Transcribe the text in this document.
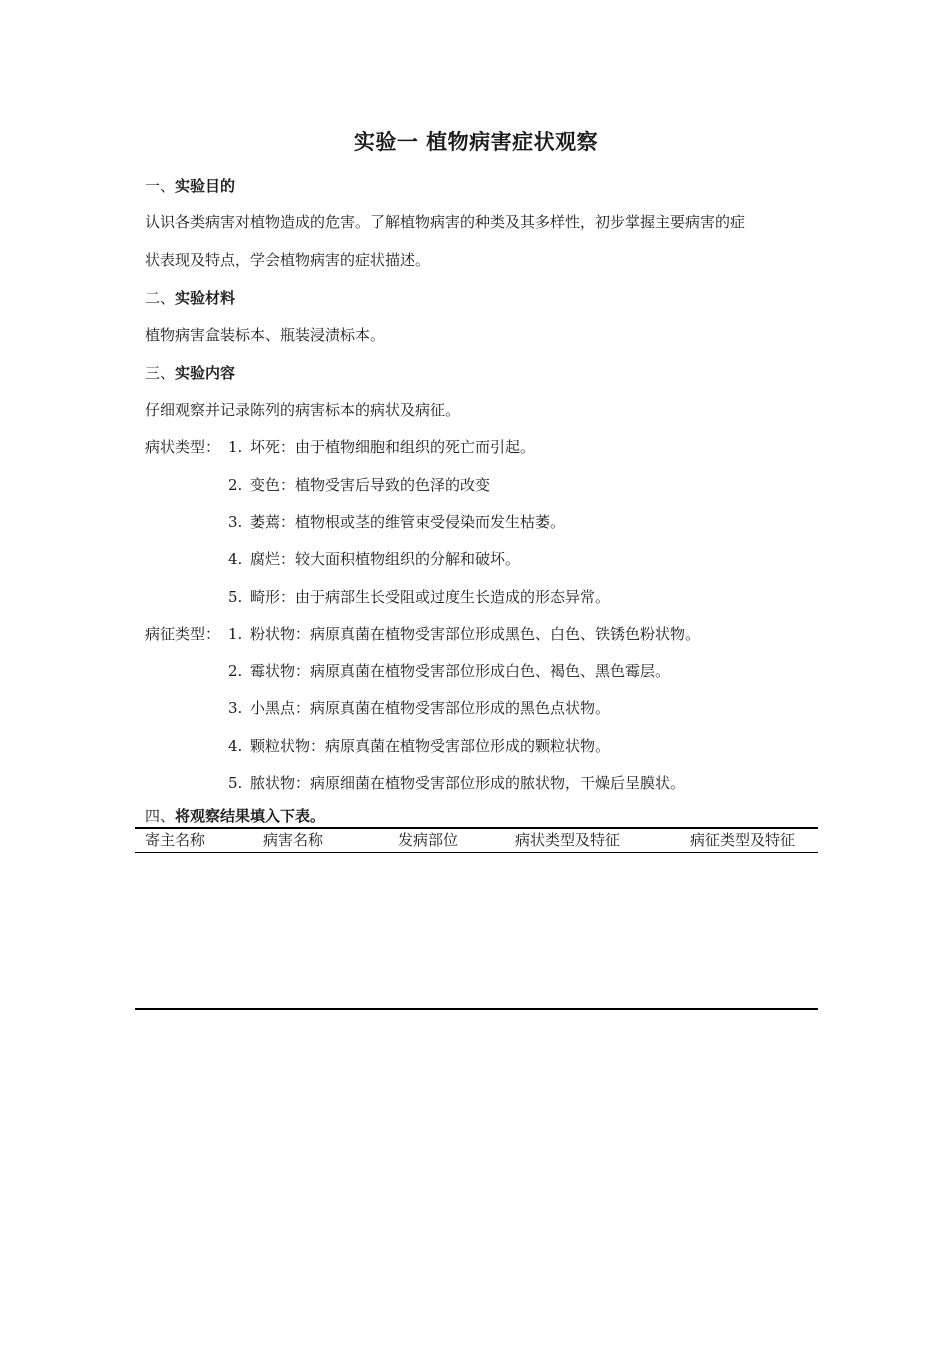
实验一 植物病害症状观察
一、实验目的
认识各类病害对植物造成的危害。了解植物病害的种类及其多样性，初步掌握主要病害的症
状表现及特点，学会植物病害的症状描述。
二、实验材料
植物病害盒装标本、瓶装浸渍标本。
三、实验内容
仔细观察并记录陈列的病害标本的病状及病征。
病状类型： 1. 坏死：由于植物细胞和组织的死亡而引起。
2. 变色：植物受害后导致的色泽的改变
3. 萎蔫：植物根或茎的维管束受侵染而发生枯萎。
4. 腐烂：较大面积植物组织的分解和破坏。
5. 畸形：由于病部生长受阻或过度生长造成的形态异常。
病征类型： 1. 粉状物：病原真菌在植物受害部位形成黑色、白色、铁锈色粉状物。
2. 霉状物：病原真菌在植物受害部位形成白色、褐色、黑色霉层。
3. 小黑点：病原真菌在植物受害部位形成的黑色点状物。
4. 颗粒状物：病原真菌在植物受害部位形成的颗粒状物。
5. 脓状物：病原细菌在植物受害部位形成的脓状物，干燥后呈膜状。
四、将观察结果填入下表。
寄主名称	病害名称	发病部位	病状类型及特征	病征类型及特征
